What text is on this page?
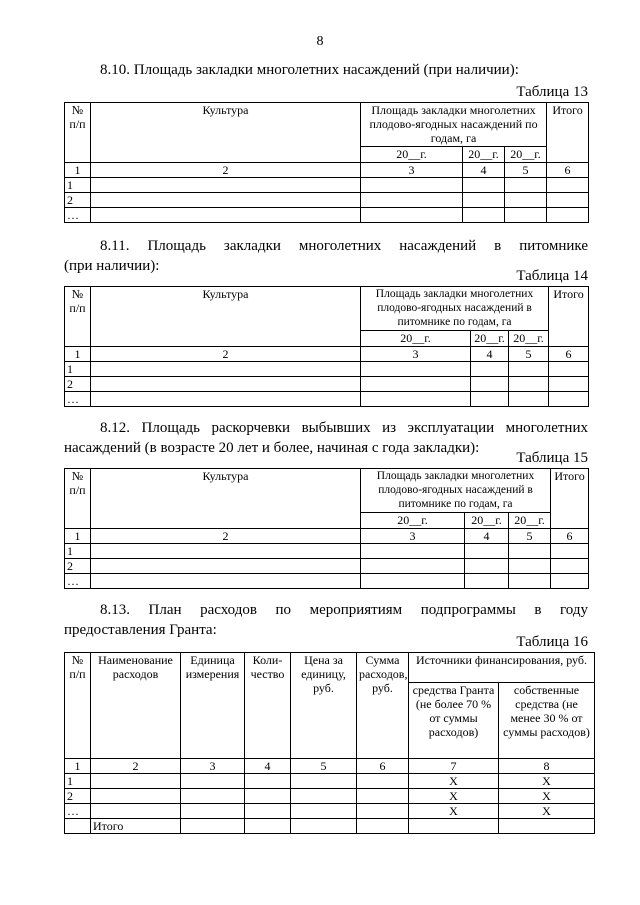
8
8.10. Площадь закладки многолетних насаждений (при наличии):
Таблица 13
№ п/п	Культура	Площадь закладки многолетних плодово-ягодных насаждений по годам, га			Итого
		20__г.	20__г.	20__г.	
1	2	3	4	5	6
1					
2					
…					
8.11. Площадь закладки многолетних насаждений в питомнике
(при наличии):
Таблица 14
№ п/п	Культура	Площадь закладки многолетних плодово-ягодных насаждений в питомнике по годам, га			Итого
		20__г.	20__г.	20__г.	
1	2	3	4	5	6
1					
2					
…					
8.12. Площадь раскорчевки выбывших из эксплуатации многолетних
насаждений (в возрасте 20 лет и более, начиная с года закладки):
Таблица 15
№ п/п	Культура	Площадь закладки многолетних плодово-ягодных насаждений в питомнике по годам, га			Итого
		20__г.	20__г.	20__г.	
1	2	3	4	5	6
1					
2					
…					
8.13. План расходов по мероприятиям подпрограммы в году
предоставления Гранта:
Таблица 16
№ п/п	Наименование расходов	Единица измерения	Коли-чество	Цена за единицу, руб.	Сумма расходов, руб.	Источники финансирования, руб.	
						средства Гранта (не более 70 % от суммы расходов)	собственные средства (не менее 30 % от суммы расходов)
1	2	3	4	5	6	7	8
1						Х	Х
2						Х	Х
…						Х	Х
	Итого						
